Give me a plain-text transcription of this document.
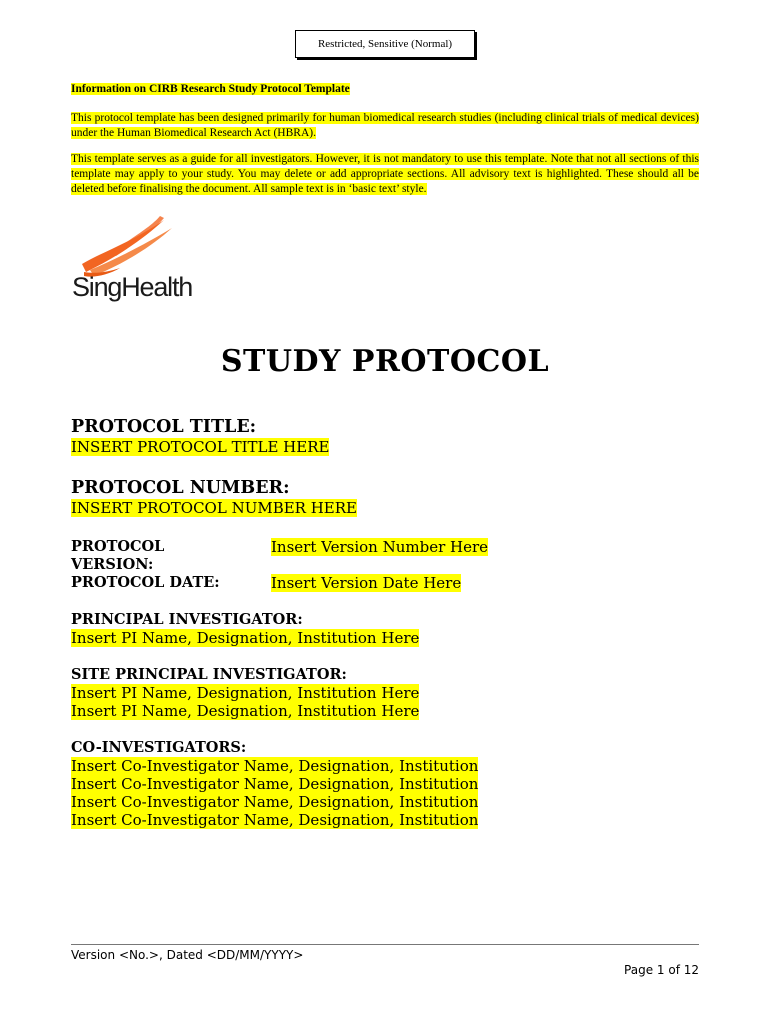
Restricted, Sensitive (Normal)

Information on CIRB Research Study Protocol Template

This protocol template has been designed primarily for human biomedical research studies (including clinical trials of medical devices) under the Human Biomedical Research Act (HBRA).

This template serves as a guide for all investigators. However, it is not mandatory to use this template. Note that not all sections of this template may apply to your study. You may delete or add appropriate sections. All advisory text is highlighted. These should all be deleted before finalising the document. All sample text is in ‘basic text’ style.

SingHealth
STUDY PROTOCOL
PROTOCOL TITLE:
INSERT PROTOCOL TITLE HERE
PROTOCOL NUMBER:
INSERT PROTOCOL NUMBER HERE
PROTOCOL
VERSION:
PROTOCOL DATE:
Insert Version Number Here
Insert Version Date Here
PRINCIPAL INVESTIGATOR:
Insert PI Name, Designation, Institution Here
SITE PRINCIPAL INVESTIGATOR:
Insert PI Name, Designation, Institution Here
Insert PI Name, Designation, Institution Here
CO-INVESTIGATORS:
Insert Co-Investigator Name, Designation, Institution
Insert Co-Investigator Name, Designation, Institution
Insert Co-Investigator Name, Designation, Institution
Insert Co-Investigator Name, Designation, Institution
Version <No.>, Dated <DD/MM/YYYY>
Page 1 of 12
